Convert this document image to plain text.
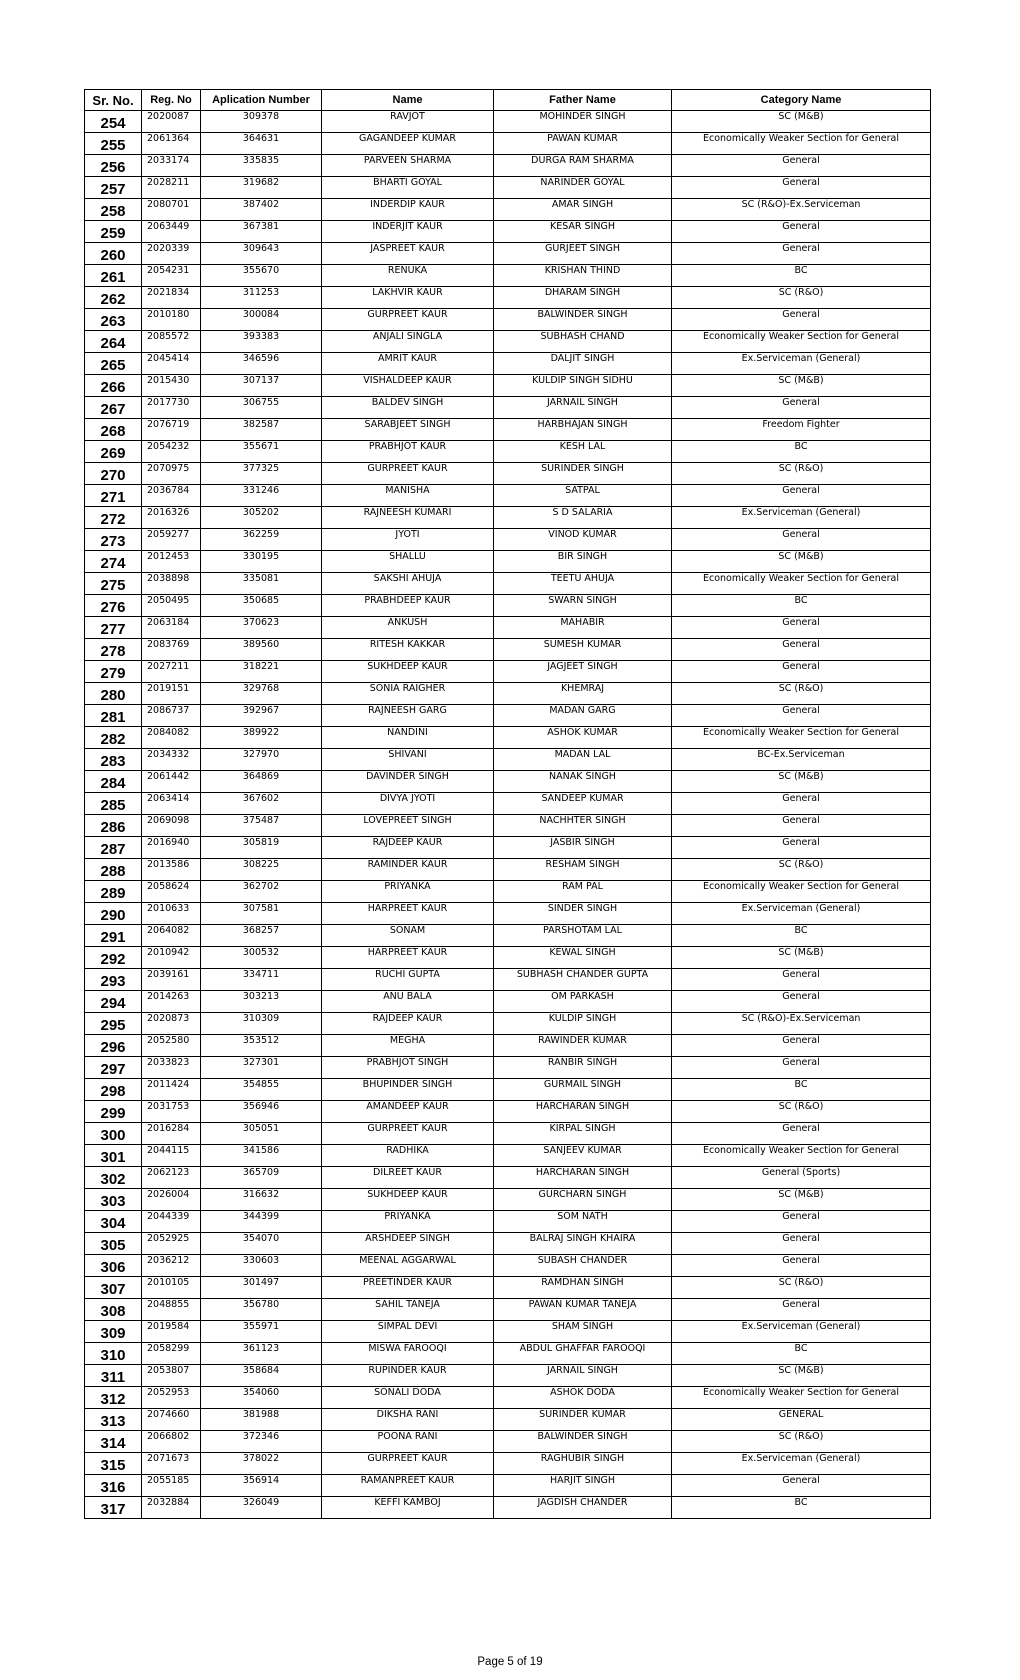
Sr. No.	Reg. No	Aplication Number	Name	Father Name	Category Name
254	2020087	309378	RAVJOT	MOHINDER SINGH	SC (M&B)
255	2061364	364631	GAGANDEEP KUMAR	PAWAN KUMAR	Economically Weaker Section for General
256	2033174	335835	PARVEEN SHARMA	DURGA RAM SHARMA	General
257	2028211	319682	BHARTI GOYAL	NARINDER GOYAL	General
258	2080701	387402	INDERDIP KAUR	AMAR SINGH	SC (R&O)-Ex.Serviceman
259	2063449	367381	INDERJIT KAUR	KESAR SINGH	General
260	2020339	309643	JASPREET KAUR	GURJEET SINGH	General
261	2054231	355670	RENUKA	KRISHAN THIND	BC
262	2021834	311253	LAKHVIR KAUR	DHARAM SINGH	SC (R&O)
263	2010180	300084	GURPREET KAUR	BALWINDER SINGH	General
264	2085572	393383	ANJALI SINGLA	SUBHASH CHAND	Economically Weaker Section for General
265	2045414	346596	AMRIT KAUR	DALJIT SINGH	Ex.Serviceman (General)
266	2015430	307137	VISHALDEEP KAUR	KULDIP SINGH SIDHU	SC (M&B)
267	2017730	306755	BALDEV SINGH	JARNAIL SINGH	General
268	2076719	382587	SARABJEET SINGH	HARBHAJAN SINGH	Freedom Fighter
269	2054232	355671	PRABHJOT KAUR	KESH LAL	BC
270	2070975	377325	GURPREET KAUR	SURINDER SINGH	SC (R&O)
271	2036784	331246	MANISHA	SATPAL	General
272	2016326	305202	RAJNEESH KUMARI	S D SALARIA	Ex.Serviceman (General)
273	2059277	362259	JYOTI	VINOD KUMAR	General
274	2012453	330195	SHALLU	BIR SINGH	SC (M&B)
275	2038898	335081	SAKSHI AHUJA	TEETU AHUJA	Economically Weaker Section for General
276	2050495	350685	PRABHDEEP KAUR	SWARN SINGH	BC
277	2063184	370623	ANKUSH	MAHABIR	General
278	2083769	389560	RITESH KAKKAR	SUMESH KUMAR	General
279	2027211	318221	SUKHDEEP KAUR	JAGJEET SINGH	General
280	2019151	329768	SONIA RAIGHER	KHEMRAJ	SC (R&O)
281	2086737	392967	RAJNEESH GARG	MADAN GARG	General
282	2084082	389922	NANDINI	ASHOK KUMAR	Economically Weaker Section for General
283	2034332	327970	SHIVANI	MADAN LAL	BC-Ex.Serviceman
284	2061442	364869	DAVINDER SINGH	NANAK SINGH	SC (M&B)
285	2063414	367602	DIVYA JYOTI	SANDEEP KUMAR	General
286	2069098	375487	LOVEPREET SINGH	NACHHTER SINGH	General
287	2016940	305819	RAJDEEP KAUR	JASBIR SINGH	General
288	2013586	308225	RAMINDER KAUR	RESHAM SINGH	SC (R&O)
289	2058624	362702	PRIYANKA	RAM PAL	Economically Weaker Section for General
290	2010633	307581	HARPREET KAUR	SINDER SINGH	Ex.Serviceman (General)
291	2064082	368257	SONAM	PARSHOTAM LAL	BC
292	2010942	300532	HARPREET KAUR	KEWAL SINGH	SC (M&B)
293	2039161	334711	RUCHI GUPTA	SUBHASH CHANDER GUPTA	General
294	2014263	303213	ANU BALA	OM PARKASH	General
295	2020873	310309	RAJDEEP KAUR	KULDIP SINGH	SC (R&O)-Ex.Serviceman
296	2052580	353512	MEGHA	RAWINDER KUMAR	General
297	2033823	327301	PRABHJOT SINGH	RANBIR SINGH	General
298	2011424	354855	BHUPINDER SINGH	GURMAIL SINGH	BC
299	2031753	356946	AMANDEEP KAUR	HARCHARAN SINGH	SC (R&O)
300	2016284	305051	GURPREET KAUR	KIRPAL SINGH	General
301	2044115	341586	RADHIKA	SANJEEV KUMAR	Economically Weaker Section for General
302	2062123	365709	DILREET KAUR	HARCHARAN SINGH	General (Sports)
303	2026004	316632	SUKHDEEP KAUR	GURCHARN SINGH	SC (M&B)
304	2044339	344399	PRIYANKA	SOM NATH	General
305	2052925	354070	ARSHDEEP SINGH	BALRAJ SINGH KHAIRA	General
306	2036212	330603	MEENAL AGGARWAL	SUBASH CHANDER	General
307	2010105	301497	PREETINDER KAUR	RAMDHAN SINGH	SC (R&O)
308	2048855	356780	SAHIL TANEJA	PAWAN KUMAR TANEJA	General
309	2019584	355971	SIMPAL DEVI	SHAM SINGH	Ex.Serviceman (General)
310	2058299	361123	MISWA FAROOQI	ABDUL GHAFFAR FAROOQI	BC
311	2053807	358684	RUPINDER KAUR	JARNAIL SINGH	SC (M&B)
312	2052953	354060	SONALI DODA	ASHOK DODA	Economically Weaker Section for General
313	2074660	381988	DIKSHA RANI	SURINDER KUMAR	GENERAL
314	2066802	372346	POONA RANI	BALWINDER SINGH	SC (R&O)
315	2071673	378022	GURPREET KAUR	RAGHUBIR SINGH	Ex.Serviceman (General)
316	2055185	356914	RAMANPREET KAUR	HARJIT SINGH	General
317	2032884	326049	KEFFI KAMBOJ	JAGDISH CHANDER	BC
Page 5 of 19
